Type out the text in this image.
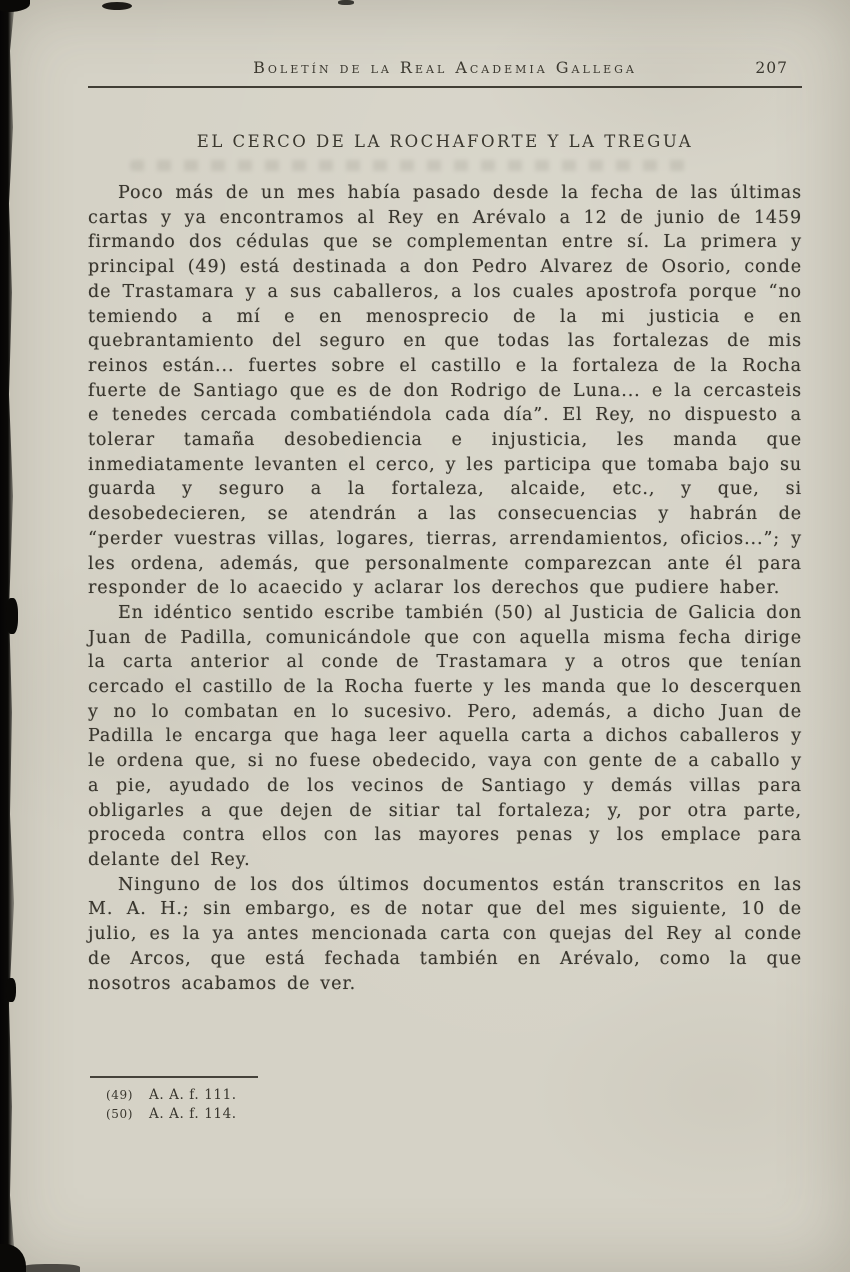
Boletín de la Real Academia Gallega	207
EL CERCO DE LA ROCHAFORTE Y LA TREGUA

Poco más de un mes había pasado desde la fecha de las últimas cartas y ya encontramos al Rey en Arévalo a 12 de junio de 1459 firmando dos cédulas que se complementan entre sí. La primera y principal (49) está destinada a don Pedro Alvarez de Osorio, conde de Trastamara y a sus caballeros, a los cuales apostrofa porque “no temiendo a mí e en menosprecio de la mi justicia e en quebrantamiento del seguro en que todas las fortalezas de mis reinos están... fuertes sobre el castillo e la fortaleza de la Rocha fuerte de Santiago que es de don Rodrigo de Luna... e la cercasteis e tenedes cercada combatiéndola cada día”. El Rey, no dispuesto a tolerar tamaña desobediencia e injusticia, les manda que inmediatamente levanten el cerco, y les participa que tomaba bajo su guarda y seguro a la fortaleza, alcaide, etc., y que, si desobedecieren, se atendrán a las consecuencias y habrán de “perder vuestras villas, logares, tierras, arrendamientos, oficios...”; y les ordena, además, que personalmente comparezcan ante él para responder de lo acaecido y aclarar los derechos que pudiere haber.

En idéntico sentido escribe también (50) al Justicia de Galicia don Juan de Padilla, comunicándole que con aquella misma fecha dirige la carta anterior al conde de Trastamara y a otros que tenían cercado el castillo de la Rocha fuerte y les manda que lo descerquen y no lo combatan en lo sucesivo. Pero, además, a dicho Juan de Padilla le encarga que haga leer aquella carta a dichos caballeros y le ordena que, si no fuese obedecido, vaya con gente de a caballo y a pie, ayudado de los vecinos de Santiago y demás villas para obligarles a que dejen de sitiar tal fortaleza; y, por otra parte, proceda contra ellos con las mayores penas y los emplace para delante del Rey.

Ninguno de los dos últimos documentos están transcritos en las M. A. H.; sin embargo, es de notar que del mes siguiente, 10 de julio, es la ya antes mencionada carta con quejas del Rey al conde de Arcos, que está fechada también en Arévalo, como la que nosotros acabamos de ver.

(49) A. A. f. 111.
(50) A. A. f. 114.
